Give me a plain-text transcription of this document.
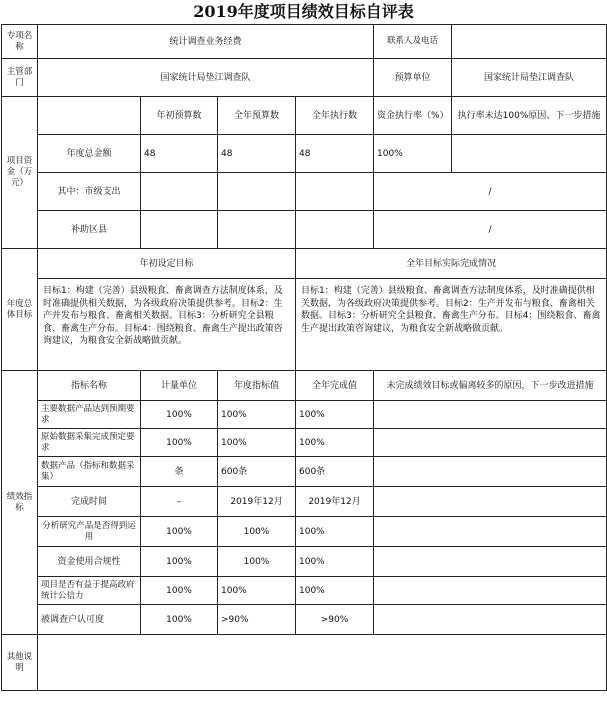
2019年度项目绩效目标自评表
专项名称	统计调查业务经费				联系人及电话	
主管部门	国家统计局垫江调查队				预算单位	国家统计局垫江调查队
项目资金（万元）		年初预算数	全年预算数	全年执行数	资金执行率（%）	执行率未达100%原因、下一步措施
	年度总金额	48	48	48	100%	
	其中：市级支出				/	
	补助区县				/	
年度总体目标	年初设定目标			全年目标实际完成情况		
	目标1：构建（完善）县级粮食、畜禽调查方法制度体系，及时准确提供相关数据，为各级政府决策提供参考。目标2：生产并发布与粮食、畜禽相关数据。目标3：分析研究全县粮食、畜禽生产分布。目标4：围绕粮食、畜禽生产提出政策咨询建议，为粮食安全新战略做贡献。			目标1：构建（完善）县级粮食、畜禽调查方法制度体系，及时准确提供相关数据，为各级政府决策提供参考。目标2：生产并发布与粮食、畜禽相关数据。目标3：分析研究全县粮食、畜禽生产分布。目标4：围绕粮食、畜禽生产提出政策咨询建议，为粮食安全新战略做贡献。		
绩效指标	指标名称	计量单位	年度指标值	全年完成值	未完成绩效目标或偏离较多的原因，下一步改进措施	
	主要数据产品达到预期要求	100%	100%	100%		
	原始数据采集完成预定要求	100%	100%	100%		
	数据产品（指标和数据采集）	条	600条	600条		
	完成时间	–	2019年12月	2019年12月		
	分析研究产品是否得到运用	100%	100%	100%		
	资金使用合规性	100%	100%	100%		
	项目是否有益于提高政府统计公信力	100%	100%	100%		
	被调查户认可度	100%	>90%	>90%		
其他说明						
